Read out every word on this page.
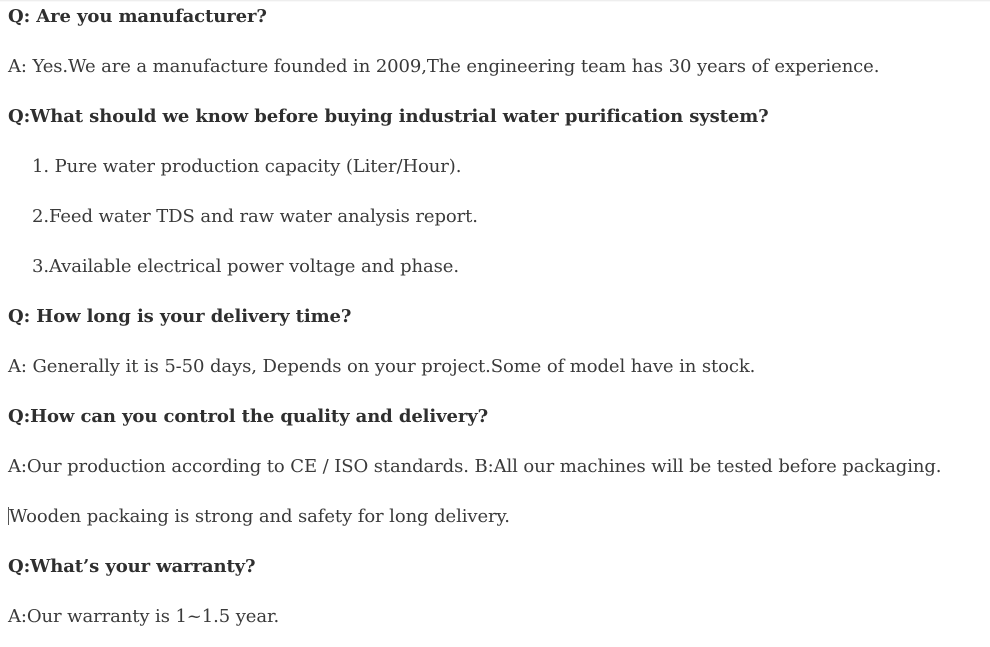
Q: Are you manufacturer?
A: Yes.We are a manufacture founded in 2009,The engineering team has 30 years of experience.
Q:What should we know before buying industrial water purification system?
1. Pure water production capacity (Liter/Hour).
2.Feed water TDS and raw water analysis report.
3.Available electrical power voltage and phase.
Q: How long is your delivery time?
A: Generally it is 5-50 days, Depends on your project.Some of model have in stock.
Q:How can you control the quality and delivery?
A:Our production according to CE / ISO standards. B:All our machines will be tested before packaging.
Wooden packaing is strong and safety for long delivery.
Q:What’s your warranty?
A:Our warranty is 1~1.5 year.
